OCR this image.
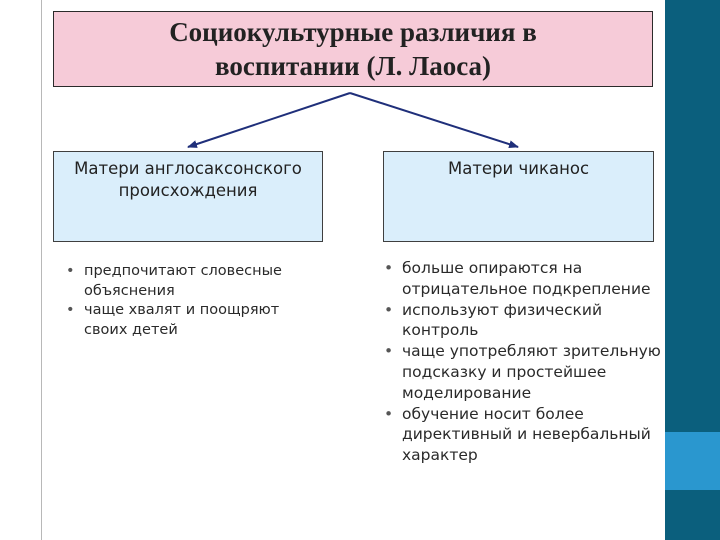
Социокультурные различия в воспитании (Л. Лаоса)
Матери англосаксонского происхождения
Матери чиканос
• предпочитают словесные объяснения
• чаще хвалят и поощряют своих детей
• больше опираются на отрицательное подкрепление
• используют физический контроль
• чаще употребляют зрительную подсказку и простейшее моделирование
• обучение носит более директивный и невербальный характер
